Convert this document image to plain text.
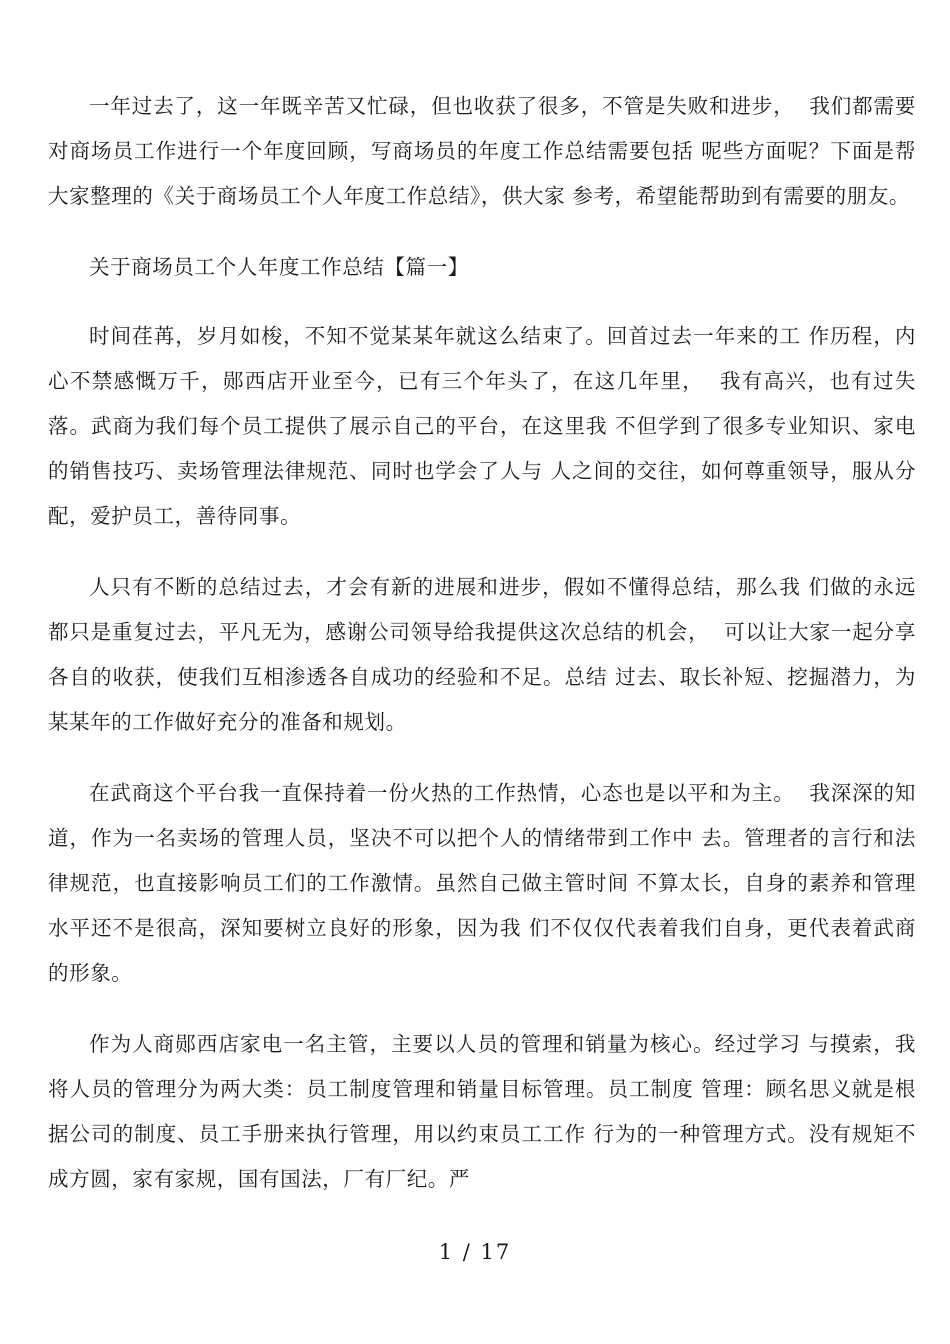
一年过去了，这一年既辛苦又忙碌，但也收获了很多，不管是失败和进步，  我们都需要对商场员工作进行一个年度回顾，写商场员的年度工作总结需要包括 呢些方面呢？下面是帮大家整理的《关于商场员工个人年度工作总结》，供大家 参考，希望能帮助到有需要的朋友。

关于商场员工个人年度工作总结【篇一】

时间荏苒，岁月如梭，不知不觉某某年就这么结束了。回首过去一年来的工 作历程，内心不禁感慨万千，郧西店开业至今，已有三个年头了，在这几年里，  我有高兴，也有过失落。武商为我们每个员工提供了展示自己的平台，在这里我 不但学到了很多专业知识、家电的销售技巧、卖场管理法律规范、同时也学会了人与 人之间的交往，如何尊重领导，服从分配，爱护员工，善待同事。

人只有不断的总结过去，才会有新的进展和进步，假如不懂得总结，那么我 们做的永远都只是重复过去，平凡无为，感谢公司领导给我提供这次总结的机会，  可以让大家一起分享各自的收获，使我们互相渗透各自成功的经验和不足。总结 过去、取长补短、挖掘潜力，为某某年的工作做好充分的准备和规划。

在武商这个平台我一直保持着一份火热的工作热情，心态也是以平和为主。  我深深的知道，作为一名卖场的管理人员，坚决不可以把个人的情绪带到工作中 去。管理者的言行和法律规范，也直接影响员工们的工作激情。虽然自己做主管时间 不算太长，自身的素养和管理水平还不是很高，深知要树立良好的形象，因为我 们不仅仅代表着我们自身，更代表着武商的形象。

作为人商郧西店家电一名主管，主要以人员的管理和销量为核心。经过学习 与摸索，我将人员的管理分为两大类：员工制度管理和销量目标管理。员工制度 管理：顾名思义就是根据公司的制度、员工手册来执行管理，用以约束员工工作 行为的一种管理方式。没有规矩不成方圆，家有家规，国有国法，厂有厂纪。严

1 / 17
